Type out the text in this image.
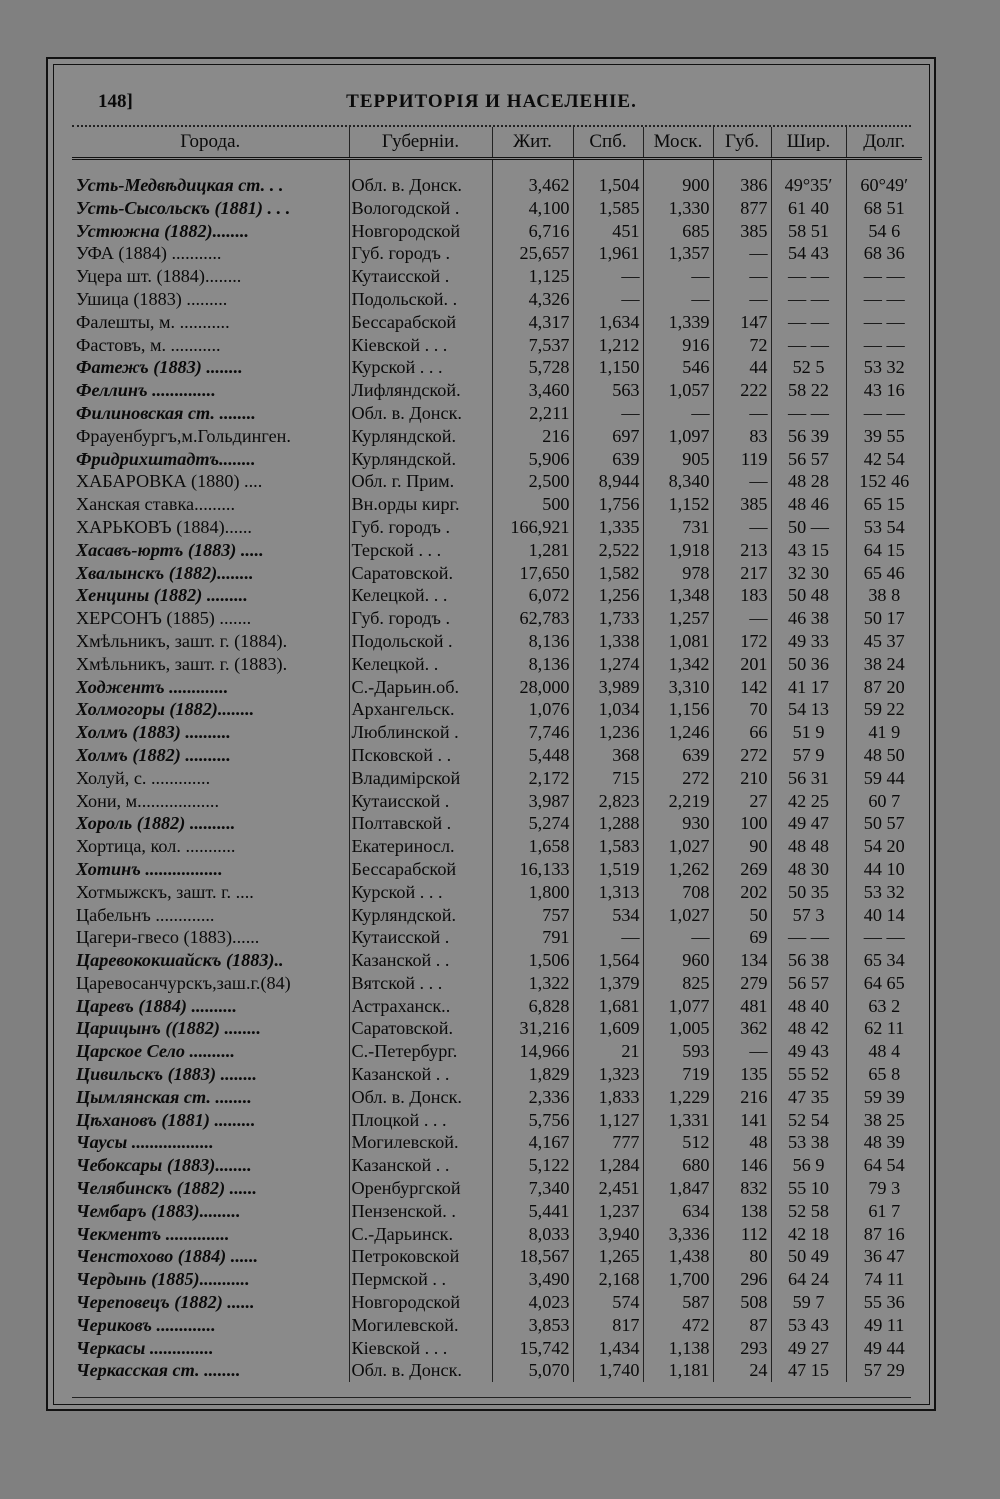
148]	ТЕРРИТОРІЯ И НАСЕЛЕНІЕ.
Города.	Губерніи.	Жит.	Спб.	Моск.	Губ.	Шир.	Долг.
Усть-Медвѣдицкая ст. . .	Обл. в. Донск.	3,462	1,504	900	386	49°35′	60°49′
Усть-Сысольскъ (1881) . . .	Вологодской .	4,100	1,585	1,330	877	61 40	68 51
Устюжна (1882)........	Новгородской	6,716	451	685	385	58 51	54 6
УФА (1884) ...........	Губ. городъ .	25,657	1,961	1,357	—	54 43	68 36
Уцера шт. (1884)........	Кутаисской .	1,125	—	—	—	— —	— —
Ушица (1883) .........	Подольской. .	4,326	—	—	—	— —	— —
Фалешты, м. ...........	Бессарабской	4,317	1,634	1,339	147	— —	— —
Фастовъ, м. ...........	Кіевской . . .	7,537	1,212	916	72	— —	— —
Фатежъ (1883) ........	Курской . . .	5,728	1,150	546	44	52 5	53 32
Феллинъ ..............	Лифляндской.	3,460	563	1,057	222	58 22	43 16
Филиновская ст. ........	Обл. в. Донск.	2,211	—	—	—	— —	— —
Фрауенбургъ,м.Гольдинген.	Курляндской.	216	697	1,097	83	56 39	39 55
Фридрихштадтъ........	Курляндской.	5,906	639	905	119	56 57	42 54
ХАБАРОВКА (1880) ....	Обл. г. Прим.	2,500	8,944	8,340	—	48 28	152 46
Ханская ставка.........	Вн.орды кирг.	500	1,756	1,152	385	48 46	65 15
ХАРЬКОВЪ (1884)......	Губ. городъ .	166,921	1,335	731	—	50 —	53 54
Хасавъ-юртъ (1883) .....	Терской . . .	1,281	2,522	1,918	213	43 15	64 15
Хвалынскъ (1882)........	Саратовской.	17,650	1,582	978	217	32 30	65 46
Хенцины (1882) .........	Келецкой. . .	6,072	1,256	1,348	183	50 48	38 8
ХЕРСОНЪ (1885) .......	Губ. городъ .	62,783	1,733	1,257	—	46 38	50 17
Хмѣльникъ, зашт. г. (1884).	Подольской .	8,136	1,338	1,081	172	49 33	45 37
Хмѣльникъ, зашт. г. (1883).	Келецкой. .	8,136	1,274	1,342	201	50 36	38 24
Ходжентъ .............	С.-Дарьин.об.	28,000	3,989	3,310	142	41 17	87 20
Холмогоры (1882)........	Архангельск.	1,076	1,034	1,156	70	54 13	59 22
Холмъ (1883) ..........	Люблинской .	7,746	1,236	1,246	66	51 9	41 9
Холмъ (1882) ..........	Псковской . .	5,448	368	639	272	57 9	48 50
Холуй, с. .............	Владимірской	2,172	715	272	210	56 31	59 44
Хони, м..................	Кутаисской .	3,987	2,823	2,219	27	42 25	60 7
Хороль (1882) ..........	Полтавской .	5,274	1,288	930	100	49 47	50 57
Хортица, кол. ...........	Екатериносл.	1,658	1,583	1,027	90	48 48	54 20
Хотинъ .................	Бессарабской	16,133	1,519	1,262	269	48 30	44 10
Хотмыжскъ, зашт. г. ....	Курской . . .	1,800	1,313	708	202	50 35	53 32
Цабельнъ .............	Курляндской.	757	534	1,027	50	57 3	40 14
Цагери-гвесо (1883)......	Кутаисской .	791	—	—	69	— —	— —
Царевококшайскъ (1883)..	Казанской . .	1,506	1,564	960	134	56 38	65 34
Царевосанчурскъ,заш.г.(84)	Вятской . . .	1,322	1,379	825	279	56 57	64 65
Царевъ (1884) ..........	Астраханск..	6,828	1,681	1,077	481	48 40	63 2
Царицынъ ((1882) ........	Саратовской.	31,216	1,609	1,005	362	48 42	62 11
Царское Село ..........	С.-Петербург.	14,966	21	593	—	49 43	48 4
Цивильскъ (1883) ........	Казанской . .	1,829	1,323	719	135	55 52	65 8
Цымлянская ст. ........	Обл. в. Донск.	2,336	1,833	1,229	216	47 35	59 39
Цѣхановъ (1881) .........	Плоцкой . . .	5,756	1,127	1,331	141	52 54	38 25
Чаусы ..................	Могилевской.	4,167	777	512	48	53 38	48 39
Чебоксары (1883)........	Казанской . .	5,122	1,284	680	146	56 9	64 54
Челябинскъ (1882) ......	Оренбургской	7,340	2,451	1,847	832	55 10	79 3
Чембаръ (1883).........	Пензенской. .	5,441	1,237	634	138	52 58	61 7
Чекментъ ..............	С.-Дарьинск.	8,033	3,940	3,336	112	42 18	87 16
Ченстохово (1884) ......	Петроковской	18,567	1,265	1,438	80	50 49	36 47
Чердынь (1885)...........	Пермской . .	3,490	2,168	1,700	296	64 24	74 11
Череповецъ (1882) ......	Новгородской	4,023	574	587	508	59 7	55 36
Чериковъ .............	Могилевской.	3,853	817	472	87	53 43	49 11
Черкасы ..............	Кіевской . . .	15,742	1,434	1,138	293	49 27	49 44
Черкасская ст. ........	Обл. в. Донск.	5,070	1,740	1,181	24	47 15	57 29
